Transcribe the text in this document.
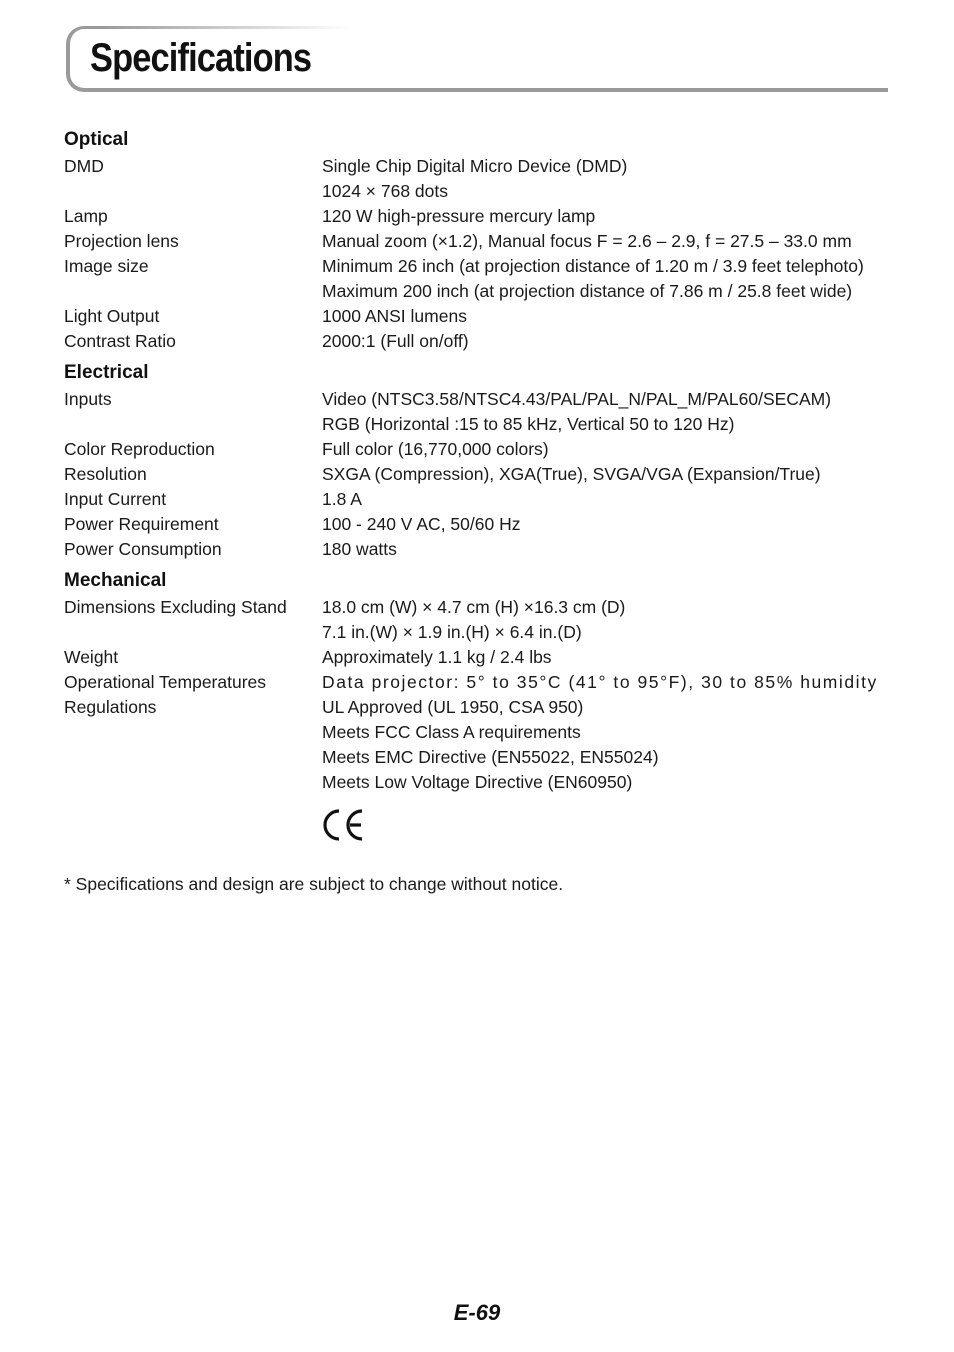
Specifications
Optical
DMD	Single Chip Digital Micro Device (DMD)
1024 × 768 dots
Lamp	120 W high-pressure mercury lamp
Projection lens	Manual zoom (×1.2), Manual focus F = 2.6 – 2.9, f = 27.5 – 33.0 mm
Image size	Minimum 26 inch (at projection distance of 1.20 m / 3.9 feet telephoto)
Maximum 200 inch (at projection distance of 7.86 m / 25.8 feet wide)
Light Output	1000 ANSI lumens
Contrast Ratio	2000:1 (Full on/off)
Electrical
Inputs	Video (NTSC3.58/NTSC4.43/PAL/PAL_N/PAL_M/PAL60/SECAM)
RGB (Horizontal :15 to 85 kHz, Vertical 50 to 120 Hz)
Color Reproduction	Full color (16,770,000 colors)
Resolution	SXGA (Compression), XGA(True), SVGA/VGA (Expansion/True)
Input Current	1.8 A
Power Requirement	100 - 240 V AC, 50/60 Hz
Power Consumption	180 watts
Mechanical
Dimensions Excluding Stand	18.0 cm (W) × 4.7 cm (H) ×16.3 cm (D)
7.1 in.(W) × 1.9 in.(H) × 6.4 in.(D)
Weight	Approximately 1.1 kg / 2.4 lbs
Operational Temperatures	Data projector: 5° to 35°C (41° to 95°F), 30 to 85% humidity
Regulations	UL Approved (UL 1950, CSA 950)
Meets FCC Class A requirements
Meets EMC Directive (EN55022, EN55024)
Meets Low Voltage Directive (EN60950)

* Specifications and design are subject to change without notice.

E-69
